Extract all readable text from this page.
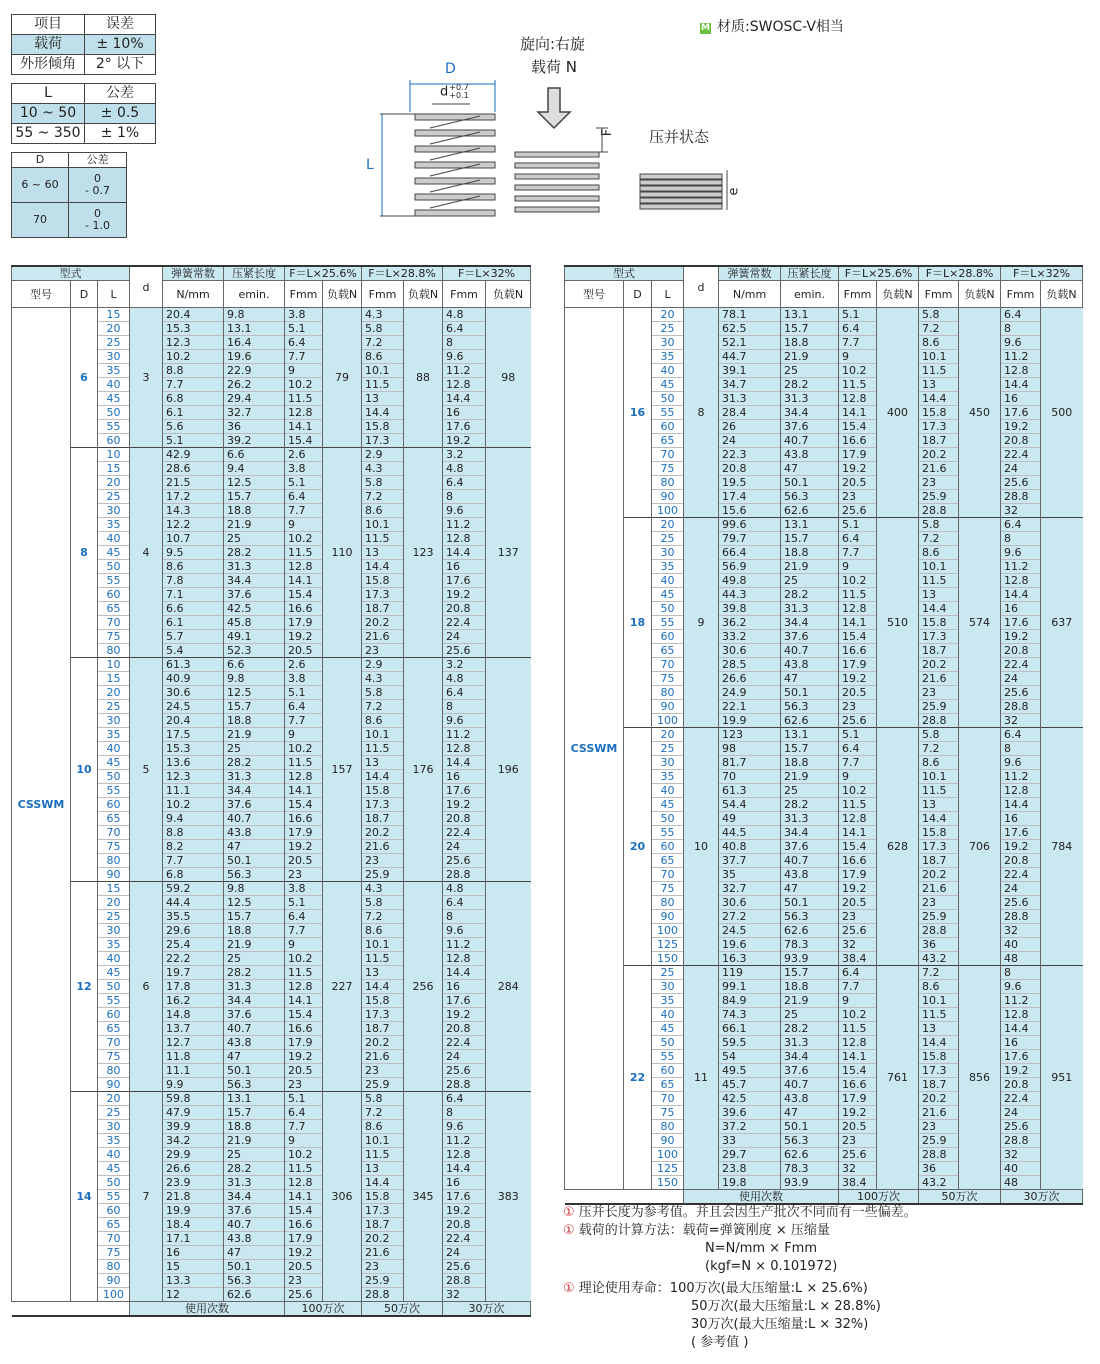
项目	误差
载荷	± 10%
外形倾角	2° 以下
L	公差
10 ~ 50	± 0.5
55 ~ 350	± 1%
D	公差
6 ~ 60	0
- 0.7

70	0
- 1.0
M 材质:SWOSC-V相当
旋向:右旋
载荷 N
D
d +0.7
+0.1
L
F
e
压并状态
型式			d	弹簧常数	压紧长度	F＝L×25.6%		F＝L×28.8%		F＝L×32%	
型号	D	L		N/mm	emin.	Fmm	负载N	Fmm	负载N	Fmm	负载N
CSSWM	6	15	3	20.4	9.8	3.8	79	4.3	88	4.8	98
		20		15.3	13.1	5.1		5.8		6.4	
		25		12.3	16.4	6.4		7.2		8	
		30		10.2	19.6	7.7		8.6		9.6	
		35		8.8	22.9	9		10.1		11.2	
		40		7.7	26.2	10.2		11.5		12.8	
		45		6.8	29.4	11.5		13		14.4	
		50		6.1	32.7	12.8		14.4		16	
		55		5.6	36	14.1		15.8		17.6	
		60		5.1	39.2	15.4		17.3		19.2	
	8	10	4	42.9	6.6	2.6	110	2.9	123	3.2	137
		15		28.6	9.4	3.8		4.3		4.8	
		20		21.5	12.5	5.1		5.8		6.4	
		25		17.2	15.7	6.4		7.2		8	
		30		14.3	18.8	7.7		8.6		9.6	
		35		12.2	21.9	9		10.1		11.2	
		40		10.7	25	10.2		11.5		12.8	
		45		9.5	28.2	11.5		13		14.4	
		50		8.6	31.3	12.8		14.4		16	
		55		7.8	34.4	14.1		15.8		17.6	
		60		7.1	37.6	15.4		17.3		19.2	
		65		6.6	42.5	16.6		18.7		20.8	
		70		6.1	45.8	17.9		20.2		22.4	
		75		5.7	49.1	19.2		21.6		24	
		80		5.4	52.3	20.5		23		25.6	
	10	10	5	61.3	6.6	2.6	157	2.9	176	3.2	196
		15		40.9	9.8	3.8		4.3		4.8	
		20		30.6	12.5	5.1		5.8		6.4	
		25		24.5	15.7	6.4		7.2		8	
		30		20.4	18.8	7.7		8.6		9.6	
		35		17.5	21.9	9		10.1		11.2	
		40		15.3	25	10.2		11.5		12.8	
		45		13.6	28.2	11.5		13		14.4	
		50		12.3	31.3	12.8		14.4		16	
		55		11.1	34.4	14.1		15.8		17.6	
		60		10.2	37.6	15.4		17.3		19.2	
		65		9.4	40.7	16.6		18.7		20.8	
		70		8.8	43.8	17.9		20.2		22.4	
		75		8.2	47	19.2		21.6		24	
		80		7.7	50.1	20.5		23		25.6	
		90		6.8	56.3	23		25.9		28.8	
	12	15	6	59.2	9.8	3.8	227	4.3	256	4.8	284
		20		44.4	12.5	5.1		5.8		6.4	
		25		35.5	15.7	6.4		7.2		8	
		30		29.6	18.8	7.7		8.6		9.6	
		35		25.4	21.9	9		10.1		11.2	
		40		22.2	25	10.2		11.5		12.8	
		45		19.7	28.2	11.5		13		14.4	
		50		17.8	31.3	12.8		14.4		16	
		55		16.2	34.4	14.1		15.8		17.6	
		60		14.8	37.6	15.4		17.3		19.2	
		65		13.7	40.7	16.6		18.7		20.8	
		70		12.7	43.8	17.9		20.2		22.4	
		75		11.8	47	19.2		21.6		24	
		80		11.1	50.1	20.5		23		25.6	
		90		9.9	56.3	23		25.9		28.8	
	14	20	7	59.8	13.1	5.1	306	5.8	345	6.4	383
		25		47.9	15.7	6.4		7.2		8	
		30		39.9	18.8	7.7		8.6		9.6	
		35		34.2	21.9	9		10.1		11.2	
		40		29.9	25	10.2		11.5		12.8	
		45		26.6	28.2	11.5		13		14.4	
		50		23.9	31.3	12.8		14.4		16	
		55		21.8	34.4	14.1		15.8		17.6	
		60		19.9	37.6	15.4		17.3		19.2	
		65		18.4	40.7	16.6		18.7		20.8	
		70		17.1	43.8	17.9		20.2		22.4	
		75		16	47	19.2		21.6		24	
		80		15	50.1	20.5		23		25.6	
		90		13.3	56.3	23		25.9		28.8	
		100		12	62.6	25.6		28.8		32	
			使用次数			100万次		50万次		30万次	
型式			d	弹簧常数	压紧长度	F＝L×25.6%		F＝L×28.8%		F＝L×32%	
型号	D	L		N/mm	emin.	Fmm	负载N	Fmm	负载N	Fmm	负载N
CSSWM	16	20	8	78.1	13.1	5.1	400	5.8	450	6.4	500
		25		62.5	15.7	6.4		7.2		8	
		30		52.1	18.8	7.7		8.6		9.6	
		35		44.7	21.9	9		10.1		11.2	
		40		39.1	25	10.2		11.5		12.8	
		45		34.7	28.2	11.5		13		14.4	
		50		31.3	31.3	12.8		14.4		16	
		55		28.4	34.4	14.1		15.8		17.6	
		60		26	37.6	15.4		17.3		19.2	
		65		24	40.7	16.6		18.7		20.8	
		70		22.3	43.8	17.9		20.2		22.4	
		75		20.8	47	19.2		21.6		24	
		80		19.5	50.1	20.5		23		25.6	
		90		17.4	56.3	23		25.9		28.8	
		100		15.6	62.6	25.6		28.8		32	
	18	20	9	99.6	13.1	5.1	510	5.8	574	6.4	637
		25		79.7	15.7	6.4		7.2		8	
		30		66.4	18.8	7.7		8.6		9.6	
		35		56.9	21.9	9		10.1		11.2	
		40		49.8	25	10.2		11.5		12.8	
		45		44.3	28.2	11.5		13		14.4	
		50		39.8	31.3	12.8		14.4		16	
		55		36.2	34.4	14.1		15.8		17.6	
		60		33.2	37.6	15.4		17.3		19.2	
		65		30.6	40.7	16.6		18.7		20.8	
		70		28.5	43.8	17.9		20.2		22.4	
		75		26.6	47	19.2		21.6		24	
		80		24.9	50.1	20.5		23		25.6	
		90		22.1	56.3	23		25.9		28.8	
		100		19.9	62.6	25.6		28.8		32	
	20	20	10	123	13.1	5.1	628	5.8	706	6.4	784
		25		98	15.7	6.4		7.2		8	
		30		81.7	18.8	7.7		8.6		9.6	
		35		70	21.9	9		10.1		11.2	
		40		61.3	25	10.2		11.5		12.8	
		45		54.4	28.2	11.5		13		14.4	
		50		49	31.3	12.8		14.4		16	
		55		44.5	34.4	14.1		15.8		17.6	
		60		40.8	37.6	15.4		17.3		19.2	
		65		37.7	40.7	16.6		18.7		20.8	
		70		35	43.8	17.9		20.2		22.4	
		75		32.7	47	19.2		21.6		24	
		80		30.6	50.1	20.5		23		25.6	
		90		27.2	56.3	23		25.9		28.8	
		100		24.5	62.6	25.6		28.8		32	
		125		19.6	78.3	32		36		40	
		150		16.3	93.9	38.4		43.2		48	
	22	25	11	119	15.7	6.4	761	7.2	856	8	951
		30		99.1	18.8	7.7		8.6		9.6	
		35		84.9	21.9	9		10.1		11.2	
		40		74.3	25	10.2		11.5		12.8	
		45		66.1	28.2	11.5		13		14.4	
		50		59.5	31.3	12.8		14.4		16	
		55		54	34.4	14.1		15.8		17.6	
		60		49.5	37.6	15.4		17.3		19.2	
		65		45.7	40.7	16.6		18.7		20.8	
		70		42.5	43.8	17.9		20.2		22.4	
		75		39.6	47	19.2		21.6		24	
		80		37.2	50.1	20.5		23		25.6	
		90		33	56.3	23		25.9		28.8	
		100		29.7	62.6	25.6		28.8		32	
		125		23.8	78.3	32		36		40	
		150		19.8	93.9	38.4		43.2		48	
			使用次数			100万次		50万次		30万次	
① 压并长度为参考值。并且会因生产批次不同而有一些偏差。
① 载荷的计算方法：载荷=弹簧刚度 × 压缩量
N=N/mm × Fmm
(kgf=N × 0.101972)
① 理论使用寿命：100万次(最大压缩量:L × 25.6%)
50万次(最大压缩量:L × 28.8%)
30万次(最大压缩量:L × 32%)
( 参考值 )
